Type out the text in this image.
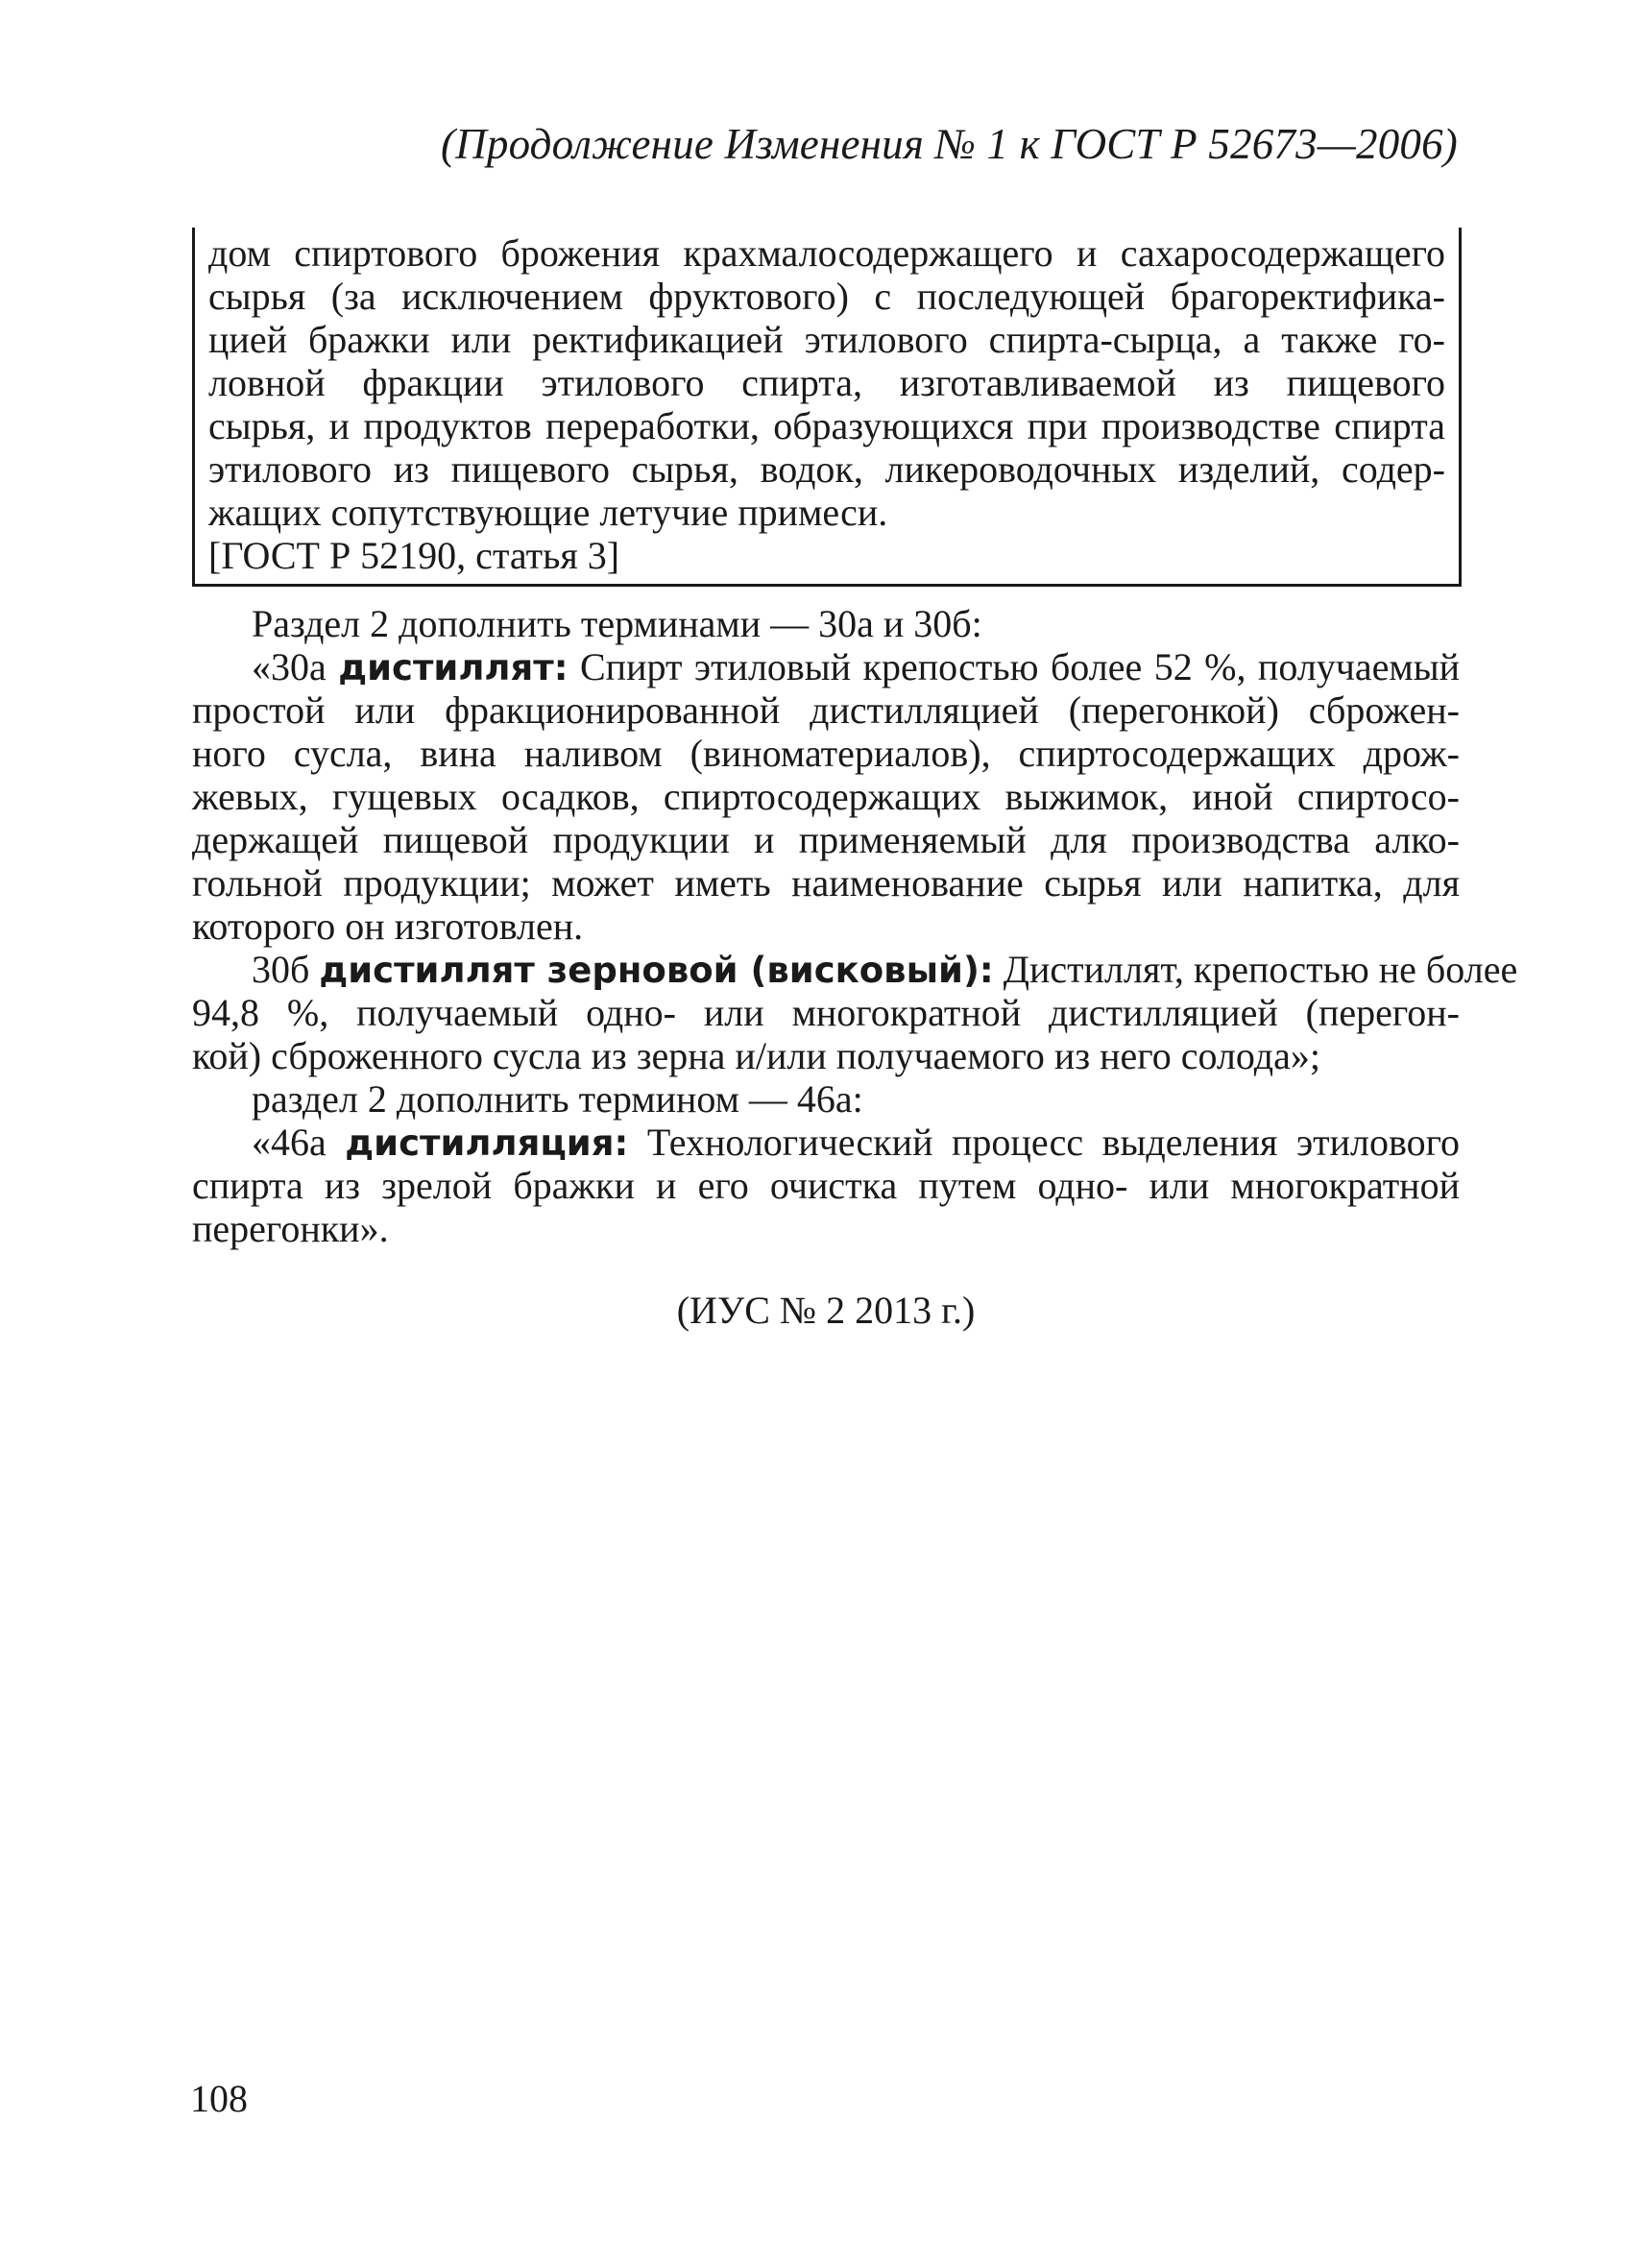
(Продолжение Изменения № 1 к ГОСТ Р 52673—2006)
дом спиртового брожения крахмалосодержащего и сахаросодержащего
сырья (за исключением фруктового) с последующей брагоректифика-
цией бражки или ректификацией этилового спирта-сырца, а также го-
ловной фракции этилового спирта, изготавливаемой из пищевого
сырья, и продуктов переработки, образующихся при производстве спирта
этилового из пищевого сырья, водок, ликероводочных изделий, содер-
жащих сопутствующие летучие примеси.
[ГОСТ Р 52190, статья 3]
Раздел 2 дополнить терминами — 30а и 30б:
«30а дистиллят: Спирт этиловый крепостью более 52 %, получаемый
простой или фракционированной дистилляцией (перегонкой) сброжен-
ного сусла, вина наливом (виноматериалов), спиртосодержащих дрож-
жевых, гущевых осадков, спиртосодержащих выжимок, иной спиртосо-
держащей пищевой продукции и применяемый для производства алко-
гольной продукции; может иметь наименование сырья или напитка, для
которого он изготовлен.
30б дистиллят зерновой (висковый): Дистиллят, крепостью не более
94,8 %, получаемый одно- или многократной дистилляцией (перегон-
кой) сброженного сусла из зерна и/или получаемого из него солода»;
раздел 2 дополнить термином — 46а:
«46а дистилляция: Технологический процесс выделения этилового
спирта из зрелой бражки и его очистка путем одно- или многократной
перегонки».
(ИУС № 2 2013 г.)
108
